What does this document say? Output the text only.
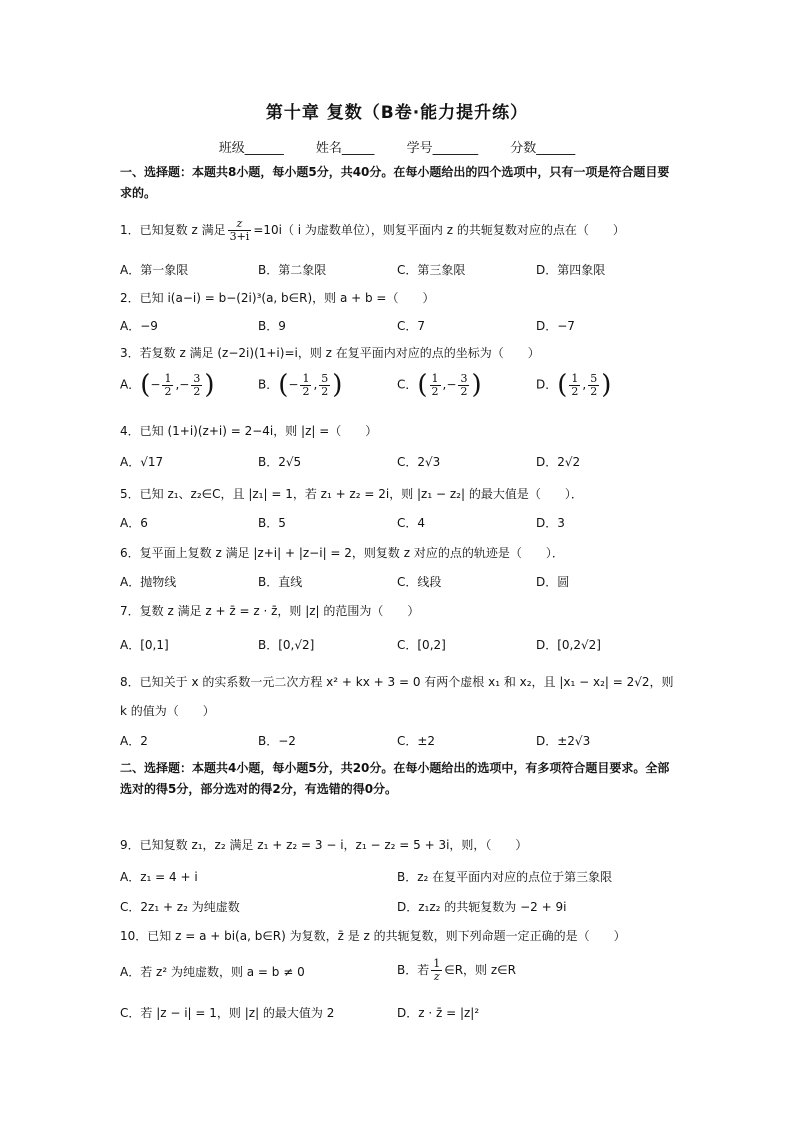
第十章 复数（B卷·能力提升练）
班级______ 姓名_____ 学号_______ 分数______
一、选择题：本题共8小题，每小题5分，共40分。在每小题给出的四个选项中，只有一项是符合题目要求的。
1．已知复数 z 满足 $\frac{z}{3+i} =10i$（ i 为虚数单位），则复平面内 z 的共轭复数对应的点在（　　）
A．第一象限	B．第二象限	C．第三象限	D．第四象限
2．已知 i(a−i) = b−(2i)³(a, b∈R)，则 a + b =（　　）
A．−9	B．9	C．7	D．−7
3．若复数 z 满足 (z−2i)(1+i)=i，则 z 在复平面内对应的点的坐标为（　　）
A．(− $\frac{1}{2}$ ,− $\frac{3}{2}$ )	B．(− $\frac{1}{2}$ , $\frac{5}{2}$ )	C．( $\frac{1}{2}$ ,− $\frac{3}{2}$ )	D．( $\frac{1}{2}$ , $\frac{5}{2}$ )
4．已知 (1+i)(z+i) = 2−4i，则 |z| =（　　）
A．√17	B．2√5	C．2√3	D．2√2
5．已知 z₁、z₂∈C，且 |z₁| = 1，若 z₁ + z₂ = 2i，则 |z₁ − z₂| 的最大值是（　　）．
A．6	B．5	C．4	D．3
6．复平面上复数 z 满足 |z+i| + |z−i| = 2，则复数 z 对应的点的轨迹是（　　）．
A．抛物线	B．直线	C．线段	D．圆
7．复数 z 满足 z + z̄ = z · z̄，则 |z| 的范围为（　　）
A．[0,1]	B．[0,√2]	C．[0,2]	D．[0,2√2]
8．已知关于 x 的实系数一元二次方程 x² + kx + 3 = 0 有两个虚根 x₁ 和 x₂，且 |x₁ − x₂| = 2√2，则
k 的值为（　　）
A．2	B．−2	C．±2	D．±2√3
二、选择题：本题共4小题，每小题5分，共20分。在每小题给出的选项中，有多项符合题目要求。全部选对的得5分，部分选对的得2分，有选错的得0分。
9．已知复数 z₁，z₂ 满足 z₁ + z₂ = 3 − i，z₁ − z₂ = 5 + 3i，则，（　　）
A．z₁ = 4 + i	B．z₂ 在复平面内对应的点位于第三象限
C．2z₁ + z₂ 为纯虚数	D．z₁z₂ 的共轭复数为 −2 + 9i
10．已知 z = a + bi(a, b∈R) 为复数，z̄ 是 z 的共轭复数，则下列命题一定正确的是（　　）
A．若 z² 为纯虚数，则 a = b ≠ 0	B．若 $\frac{1}{z}$ ∈R，则 z∈R
C．若 |z − i| = 1，则 |z| 的最大值为 2	D．z · z̄ = |z|²
